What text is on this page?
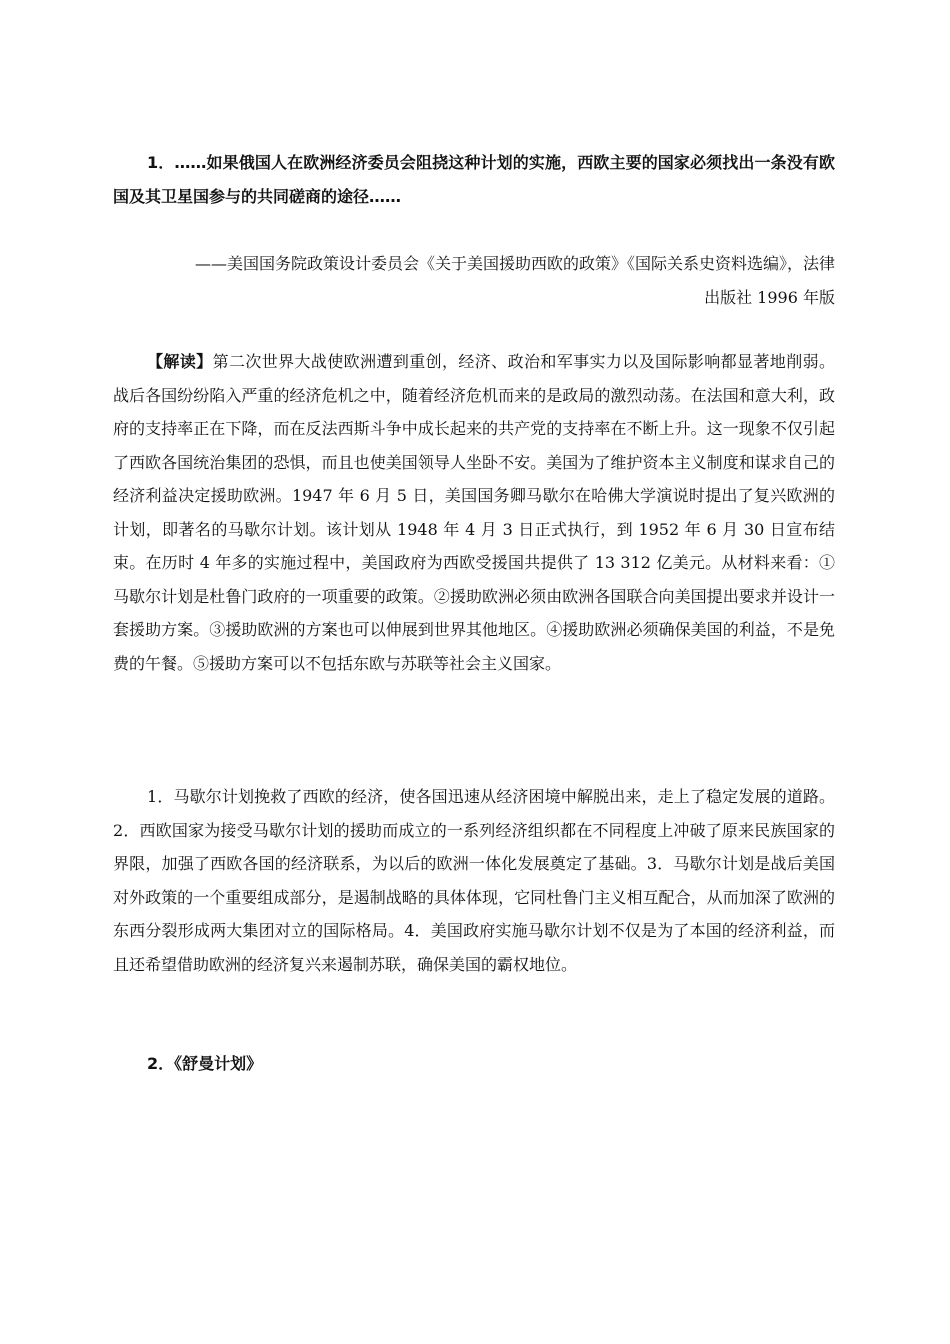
1．……如果俄国人在欧洲经济委员会阻挠这种计划的实施，西欧主要的国家必须找出一条没有欧国及其卫星国参与的共同磋商的途径……

——美国国务院政策设计委员会《关于美国援助西欧的政策》《国际关系史资料选编》，法律
出版社 1996 年版

【解读】第二次世界大战使欧洲遭到重创，经济、政治和军事实力以及国际影响都显著地削弱。战后各国纷纷陷入严重的经济危机之中，随着经济危机而来的是政局的激烈动荡。在法国和意大利，政府的支持率正在下降，而在反法西斯斗争中成长起来的共产党的支持率在不断上升。这一现象不仅引起了西欧各国统治集团的恐惧，而且也使美国领导人坐卧不安。美国为了维护资本主义制度和谋求自己的经济利益决定援助欧洲。1947 年 6 月 5 日，美国国务卿马歇尔在哈佛大学演说时提出了复兴欧洲的计划，即著名的马歇尔计划。该计划从 1948 年 4 月 3 日正式执行，到 1952 年 6 月 30 日宣布结束。在历时 4 年多的实施过程中，美国政府为西欧受援国共提供了 13 312 亿美元。从材料来看：①马歇尔计划是杜鲁门政府的一项重要的政策。②援助欧洲必须由欧洲各国联合向美国提出要求并设计一套援助方案。③援助欧洲的方案也可以伸展到世界其他地区。④援助欧洲必须确保美国的利益，不是免费的午餐。⑤援助方案可以不包括东欧与苏联等社会主义国家。

1．马歇尔计划挽救了西欧的经济，使各国迅速从经济困境中解脱出来，走上了稳定发展的道路。2．西欧国家为接受马歇尔计划的援助而成立的一系列经济组织都在不同程度上冲破了原来民族国家的界限，加强了西欧各国的经济联系，为以后的欧洲一体化发展奠定了基础。3．马歇尔计划是战后美国对外政策的一个重要组成部分，是遏制战略的具体体现，它同杜鲁门主义相互配合，从而加深了欧洲的东西分裂形成两大集团对立的国际格局。4．美国政府实施马歇尔计划不仅是为了本国的经济利益，而且还希望借助欧洲的经济复兴来遏制苏联，确保美国的霸权地位。

2．《舒曼计划》
